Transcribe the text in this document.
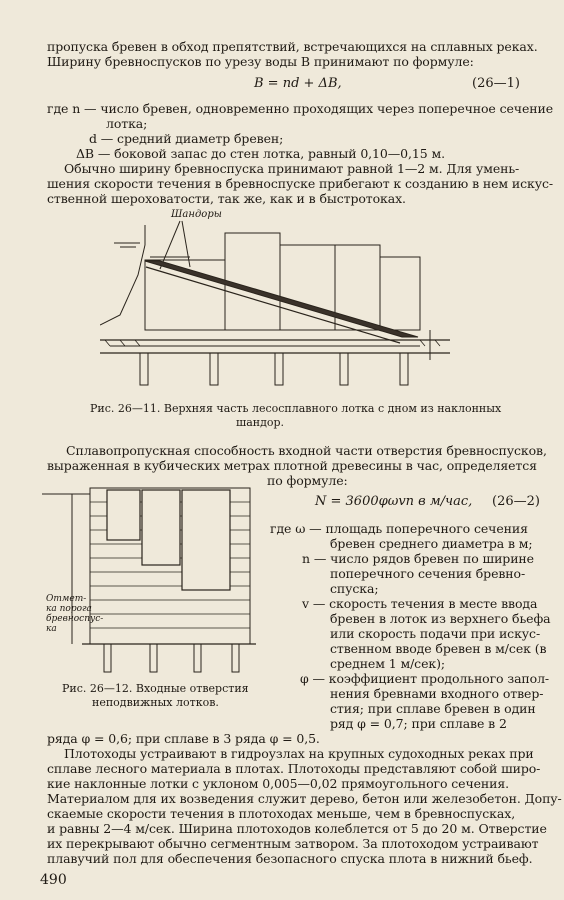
пропуска бревен в обход препятствий, встречающихся на сплавных реках.
Ширину бревноспусков по урезу воды В принимают по формуле:
B = nd + ΔB,	(26—1)
где n — число бревен, одновременно проходящих через поперечное сечение
лотка;
d — средний диаметр бревен;
ΔB — боковой запас до стен лотка, равный 0,10—0,15 м.
Обычно ширину бревноспуска принимают равной 1—2 м. Для умень-
шения скорости течения в бревноспуске прибегают к созданию в нем искус-
ственной шероховатости, так же, как и в быстротоках.
Шандоры
Рис. 26—11. Верхняя часть лесосплавного лотка с дном из наклонных
шандор.
Сплавопропускная способность входной части отверстия бревноспусков,
выраженная в кубических метрах плотной древесины в час, определяется
по формуле:
N = 3600φωvn в м/час, (26—2)
Отмет-
ка порога
бревноспус-
ка
Рис. 26—12. Входные отверстия
неподвижных лотков.
где ω — площадь поперечного сечения
бревен среднего диаметра в м;
n — число рядов бревен по ширине
поперечного сечения бревно-
спуска;
v — скорость течения в месте ввода
бревен в лоток из верхнего бьефа
или скорость подачи при искус-
ственном вводе бревен в м/сек (в
среднем 1 м/сек);
φ — коэффициент продольного запол-
нения бревнами входного отвер-
стия; при сплаве бревен в один
ряд φ = 0,7; при сплаве в 2
ряда φ = 0,6; при сплаве в 3 ряда φ = 0,5.
Плотоходы устраивают в гидроузлах на крупных судоходных реках при
сплаве лесного материала в плотах. Плотоходы представляют собой широ-
кие наклонные лотки с уклоном 0,005—0,02 прямоугольного сечения.
Материалом для их возведения служит дерево, бетон или железобетон. Допу-
скаемые скорости течения в плотоходах меньше, чем в бревноспусках,
и равны 2—4 м/сек. Ширина плотоходов колеблется от 5 до 20 м. Отверстие
их перекрывают обычно сегментным затвором. За плотоходом устраивают
плавучий пол для обеспечения безопасного спуска плота в нижний бьеф.
490
